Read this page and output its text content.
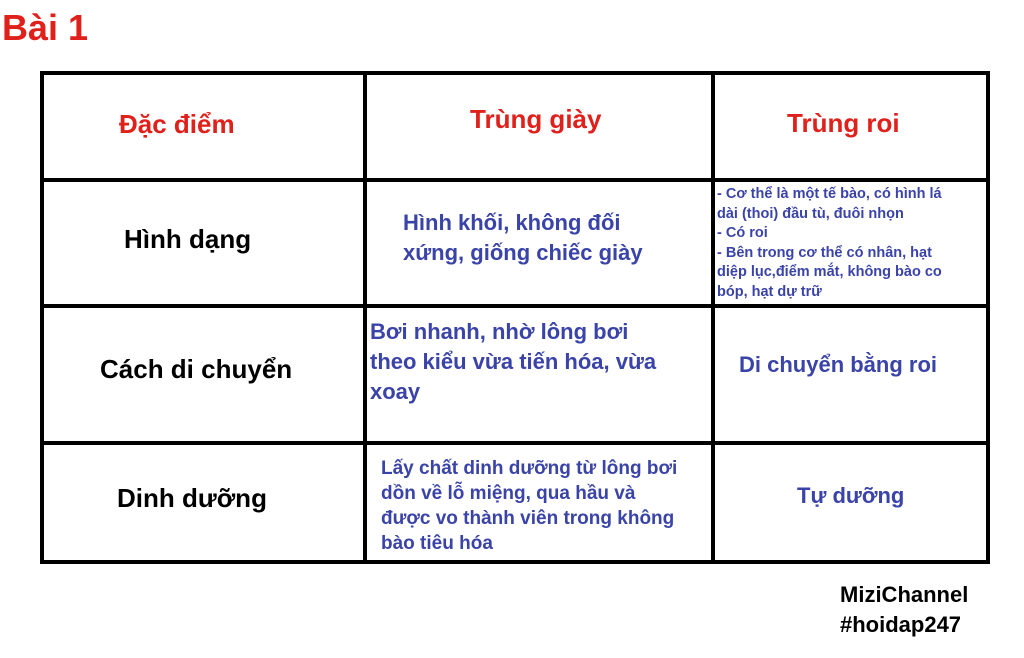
Bài 1
Đặc điểm	Trùng giày	Trùng roi
Hình dạng
Hình khối, không đối
xứng, giống chiếc giày
- Cơ thể là một tế bào, có hình lá
dài (thoi) đầu tù, đuôi nhọn
- Có roi
- Bên trong cơ thể có nhân, hạt
diệp lục,điểm mắt, không bào co
bóp, hạt dự trữ
Cách di chuyển
Bơi nhanh, nhờ lông bơi
theo kiểu vừa tiến hóa, vừa
xoay
Di chuyển bằng roi
Dinh dưỡng
Lấy chất dinh dưỡng từ lông bơi
dồn về lỗ miệng, qua hầu và
được vo thành viên trong không
bào tiêu hóa
Tự dưỡng
MiziChannel
#hoidap247
